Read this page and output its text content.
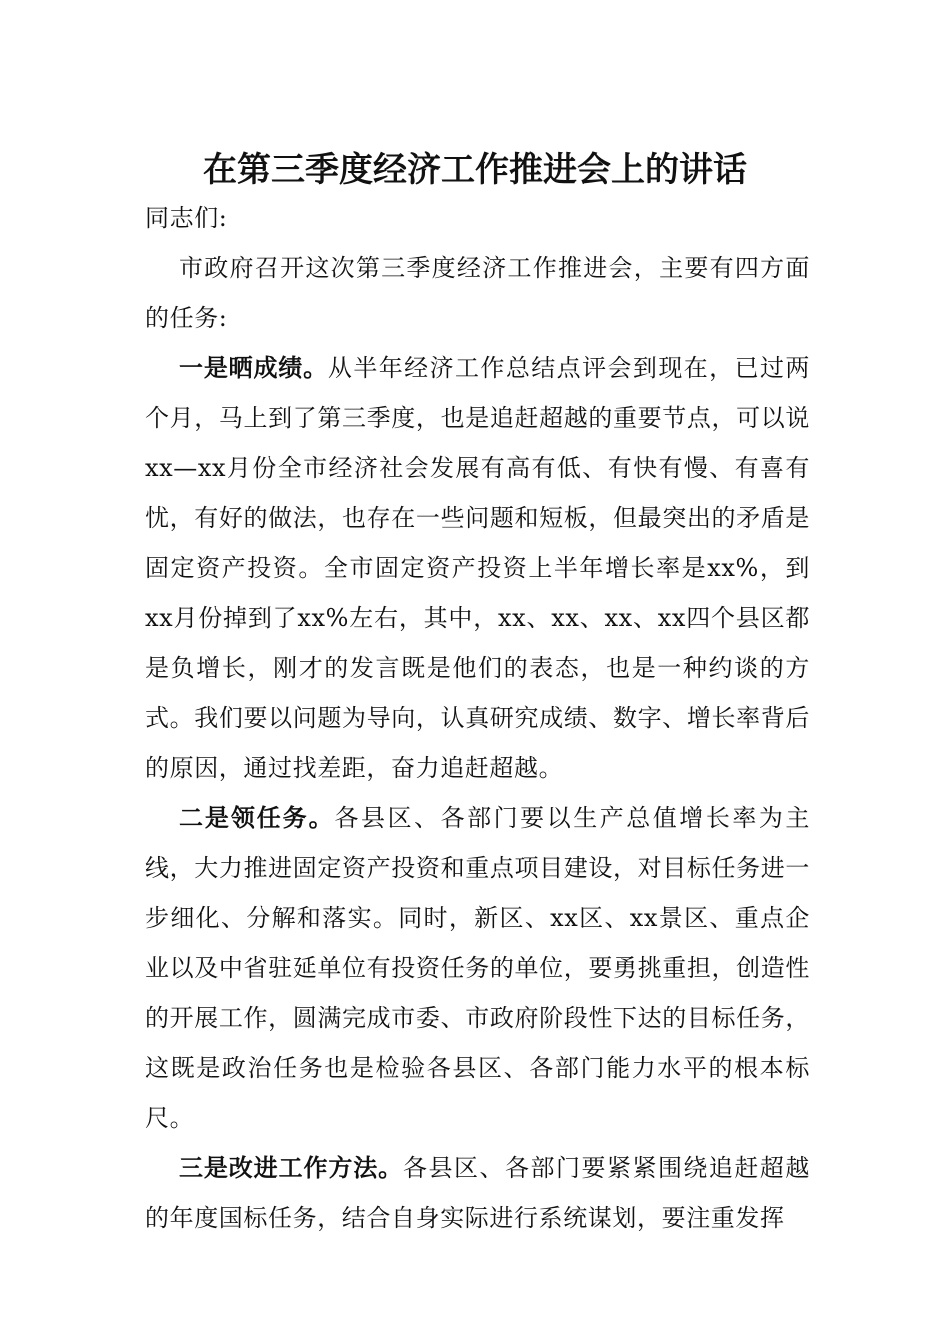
在第三季度经济工作推进会上的讲话

同志们:

市政府召开这次第三季度经济工作推进会，主要有四方面的任务:

一是晒成绩。从半年经济工作总结点评会到现在，已过两个月，马上到了第三季度，也是追赶超越的重要节点，可以说xx—xx月份全市经济社会发展有高有低、有快有慢、有喜有忧，有好的做法，也存在一些问题和短板，但最突出的矛盾是固定资产投资。全市固定资产投资上半年增长率是xx%，到xx月份掉到了xx%左右，其中，xx、xx、xx、xx四个县区都是负增长，刚才的发言既是他们的表态，也是一种约谈的方式。我们要以问题为导向，认真研究成绩、数字、增长率背后的原因，通过找差距，奋力追赶超越。

二是领任务。各县区、各部门要以生产总值增长率为主线，大力推进固定资产投资和重点项目建设，对目标任务进一步细化、分解和落实。同时，新区、xx区、xx景区、重点企业以及中省驻延单位有投资任务的单位，要勇挑重担，创造性的开展工作，圆满完成市委、市政府阶段性下达的目标任务，这既是政治任务也是检验各县区、各部门能力水平的根本标尺。

三是改进工作方法。各县区、各部门要紧紧围绕追赶超越的年度国标任务，结合自身实际进行系统谋划，要注重发挥
